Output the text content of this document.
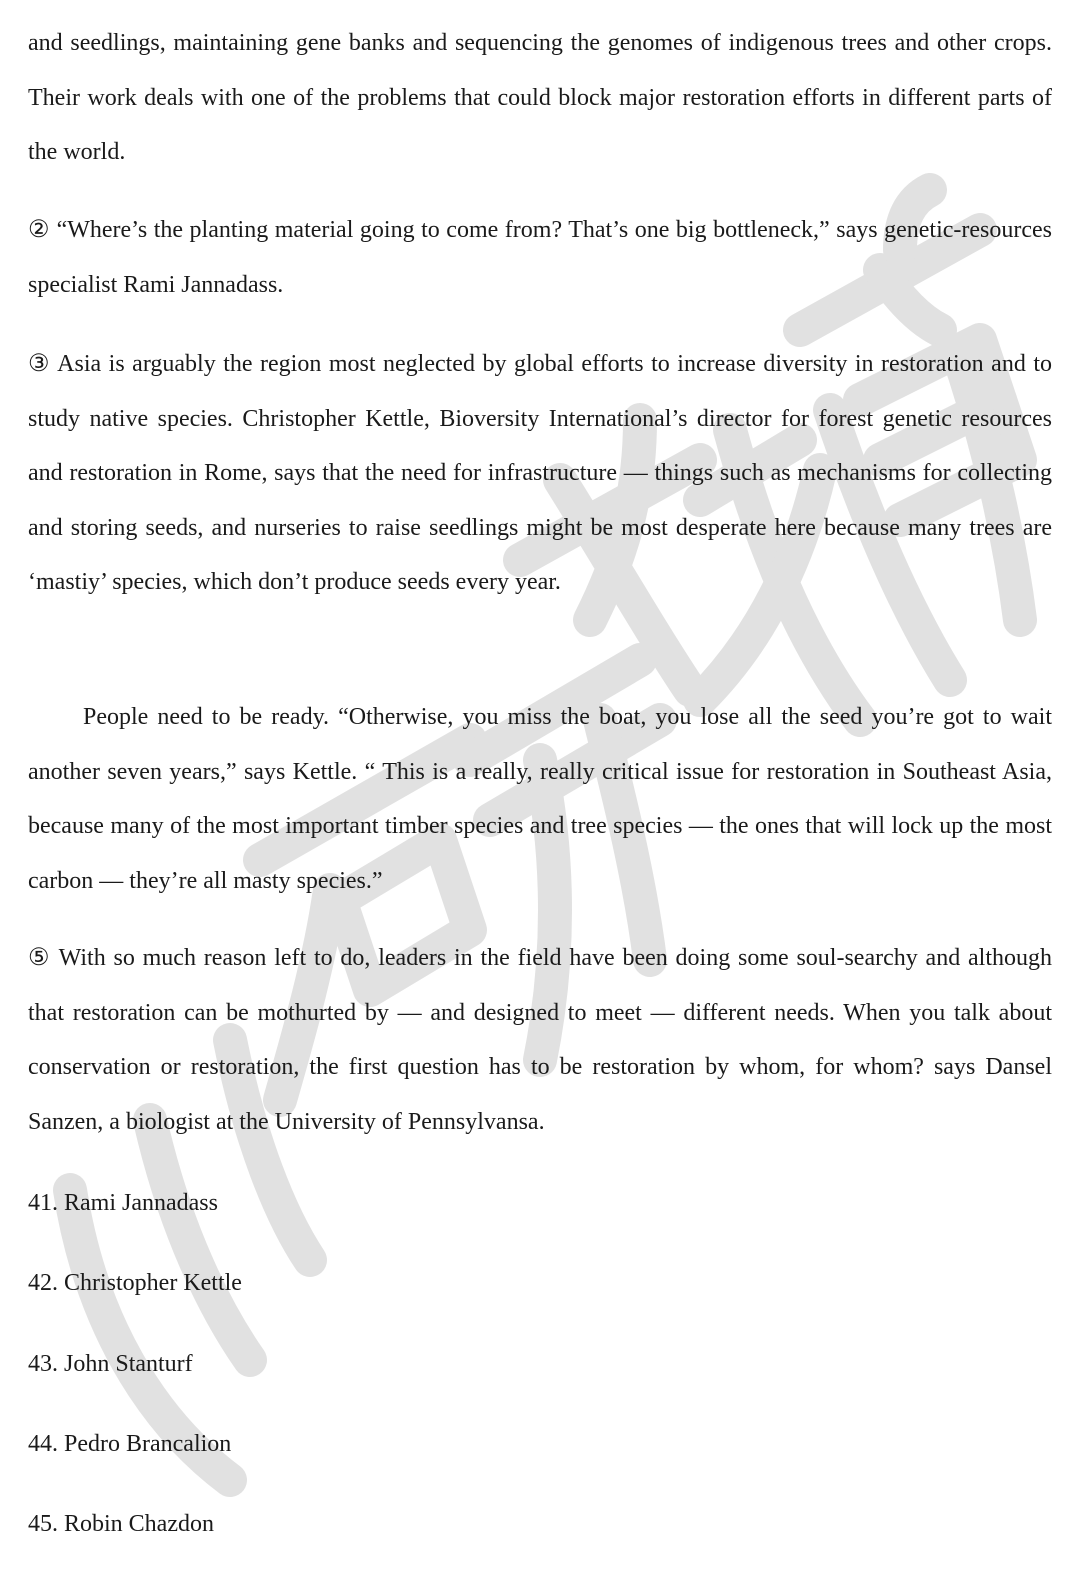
and seedlings, maintaining gene banks and sequencing the genomes of indigenous trees and other crops. Their work deals with one of the problems that could block major restoration efforts in different parts of the world.

② “Where’s the planting material going to come from? That’s one big bottleneck,” says genetic-resources specialist Rami Jannadass.

③ Asia is arguably the region most neglected by global efforts to increase diversity in restoration and to study native species. Christopher Kettle, Bioversity International’s director for forest genetic resources and restoration in Rome, says that the need for infrastructure — things such as mechanisms for collecting and storing seeds, and nurseries to raise seedlings might be most desperate here because many trees are ‘mastiy’ species, which don’t produce seeds every year.

People need to be ready. “Otherwise, you miss the boat, you lose all the seed you’re got to wait another seven years,” says Kettle. “ This is a really, really critical issue for restoration in Southeast Asia, because many of the most important timber species and tree species — the ones that will lock up the most carbon — they’re all masty species.”

⑤ With so much reason left to do, leaders in the field have been doing some soul-searchy and although that restoration can be mothurted by — and designed to meet — different needs. When you talk about conservation or restoration, the first question has to be restoration by whom, for whom? says Dansel Sanzen, a biologist at the University of Pennsylvansa.

41. Rami Jannadass
42. Christopher Kettle
43. John Stanturf
44. Pedro Brancalion
45. Robin Chazdon
